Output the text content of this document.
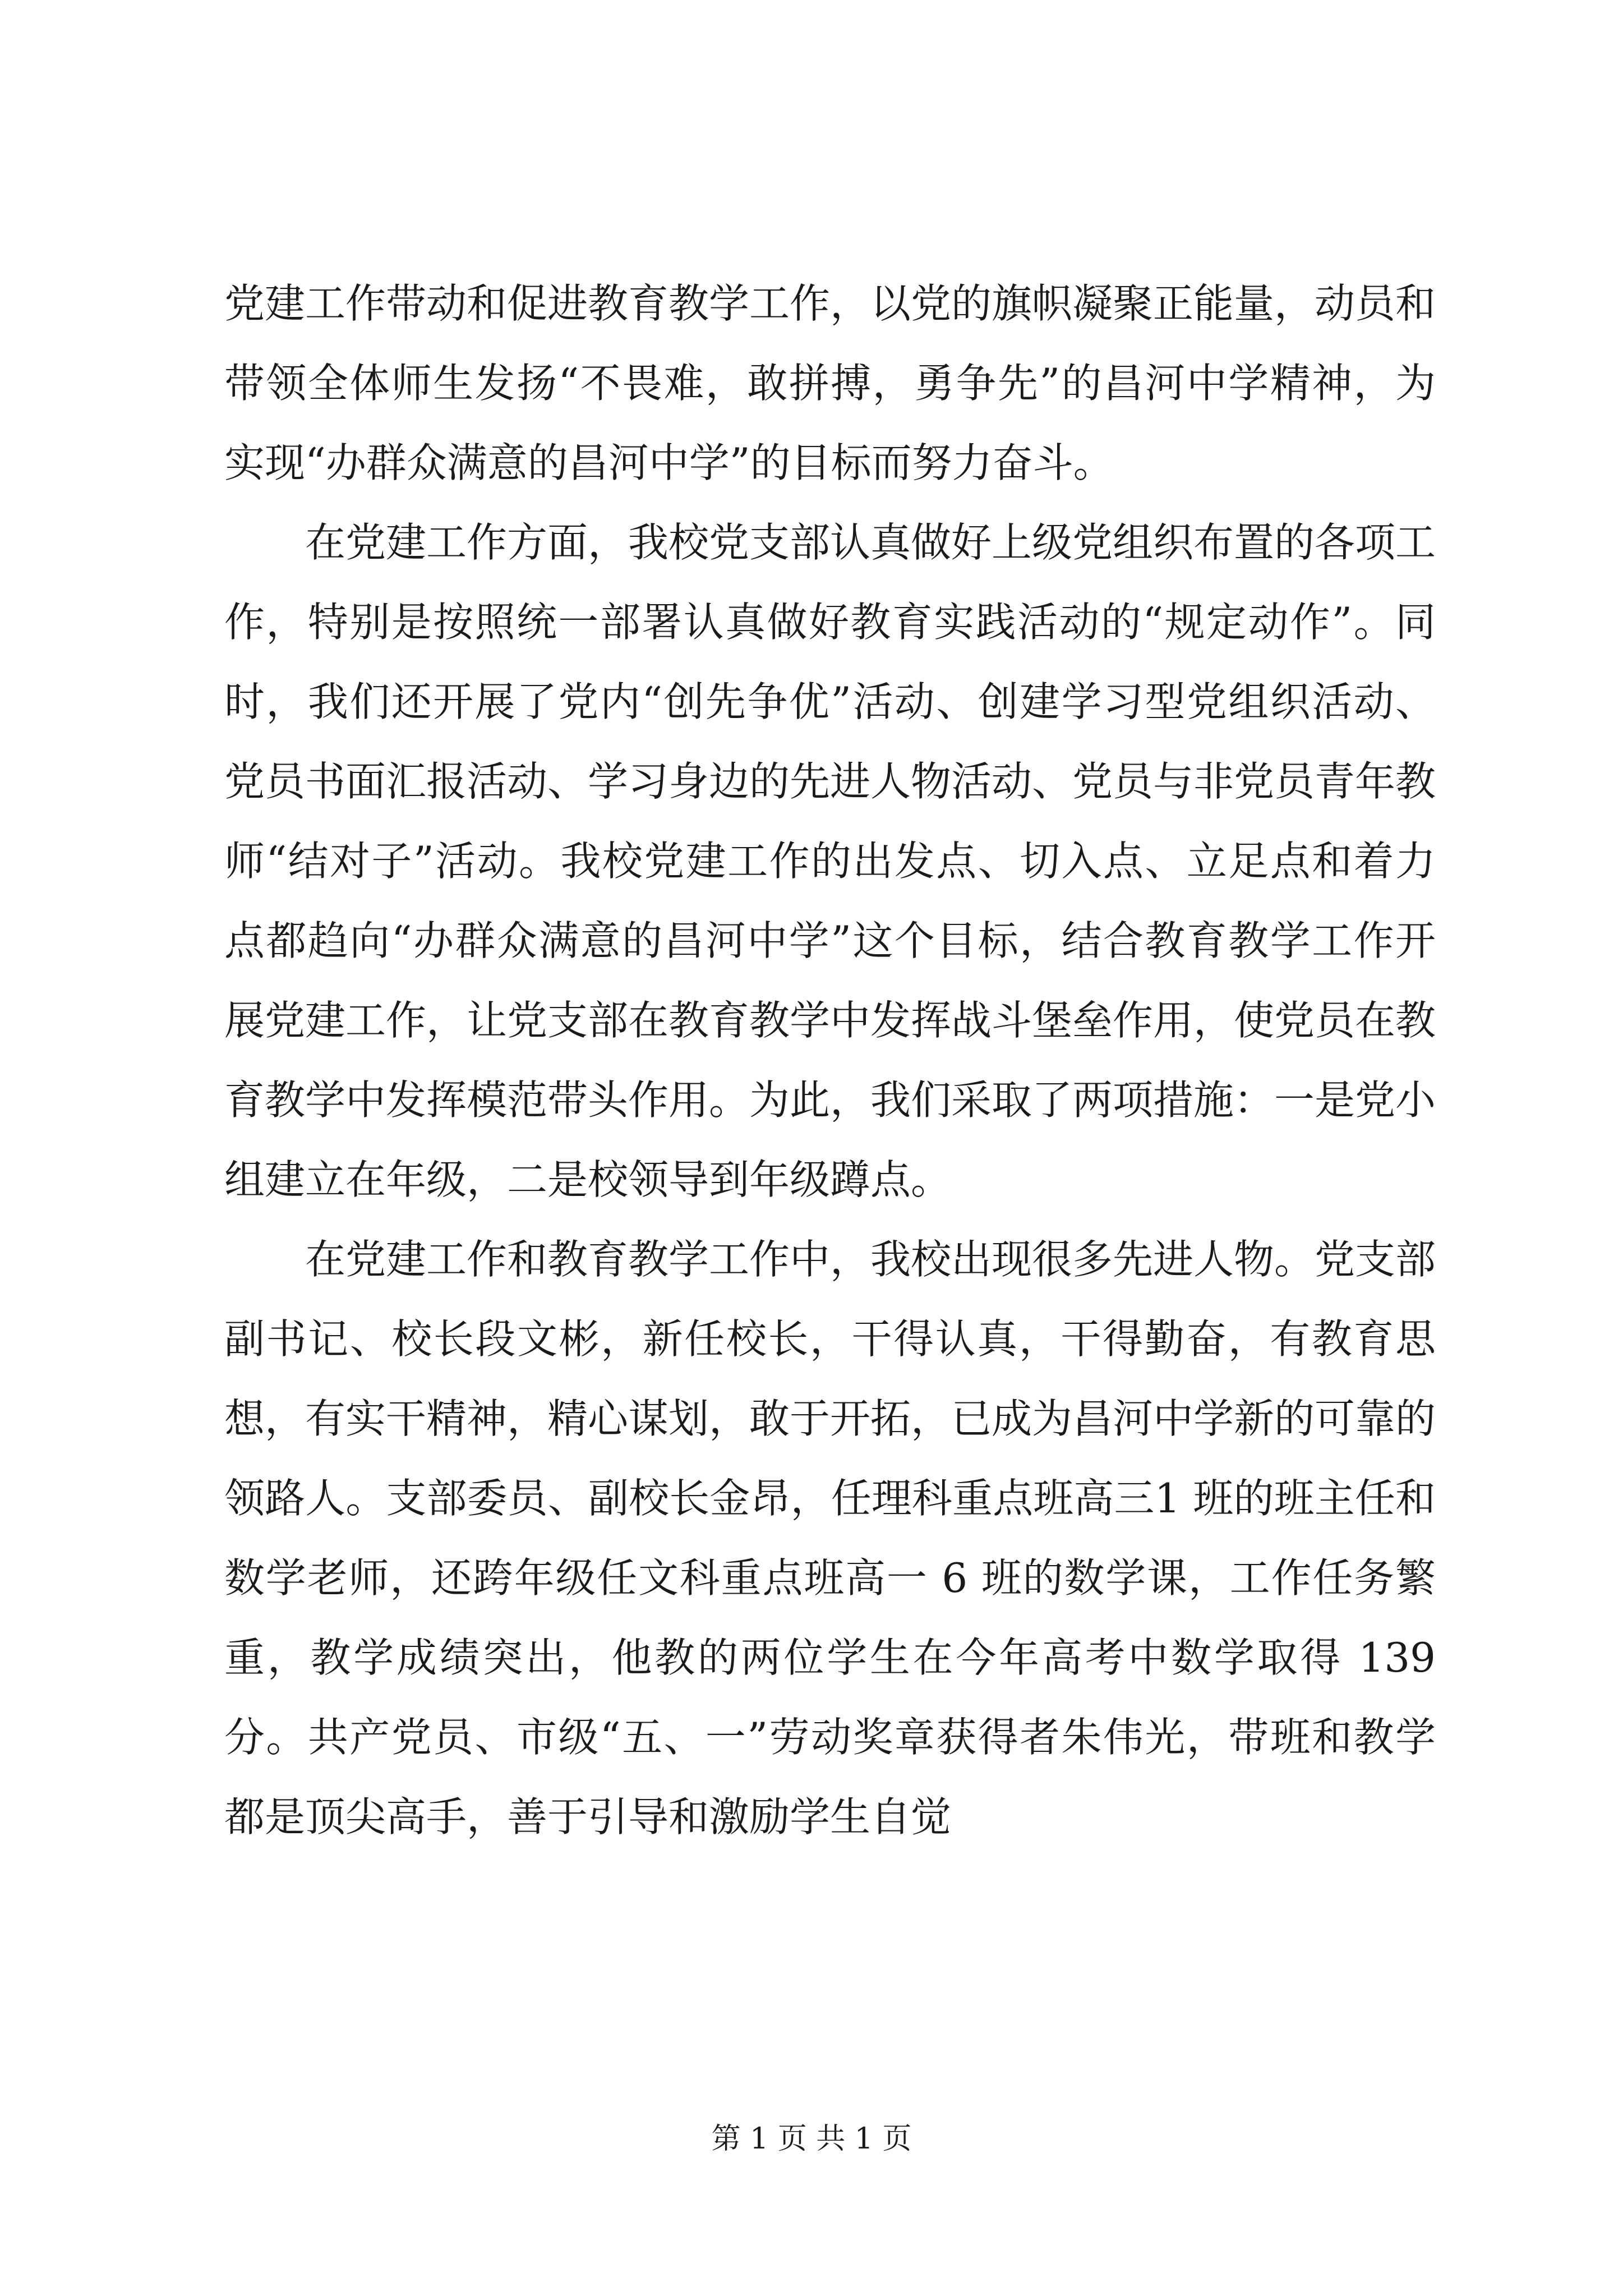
党建工作带动和促进教育教学工作，以党的旗帜凝聚正能量，动员和带领全体师生发扬“不畏难，敢拼搏，勇争先”的昌河中学精神，为实现“办群众满意的昌河中学”的目标而努力奋斗。

在党建工作方面，我校党支部认真做好上级党组织布置的各项工作，特别是按照统一部署认真做好教育实践活动的“规定动作”。同时，我们还开展了党内“创先争优”活动、创建学习型党组织活动、党员书面汇报活动、学习身边的先进人物活动、党员与非党员青年教师“结对子”活动。我校党建工作的出发点、切入点、立足点和着力点都趋向“办群众满意的昌河中学”这个目标，结合教育教学工作开展党建工作，让党支部在教育教学中发挥战斗堡垒作用，使党员在教育教学中发挥模范带头作用。为此，我们采取了两项措施：一是党小组建立在年级，二是校领导到年级蹲点。

在党建工作和教育教学工作中，我校出现很多先进人物。党支部副书记、校长段文彬，新任校长，干得认真，干得勤奋，有教育思想，有实干精神，精心谋划，敢于开拓，已成为昌河中学新的可靠的领路人。支部委员、副校长金昂，任理科重点班高三1 班的班主任和数学老师，还跨年级任文科重点班高一 6 班的数学课，工作任务繁重，教学成绩突出，他教的两位学生在今年高考中数学取得 139 分。共产党员、市级“五、一”劳动奖章获得者朱伟光，带班和教学都是顶尖高手，善于引导和激励学生自觉

第 1 页 共 1 页
